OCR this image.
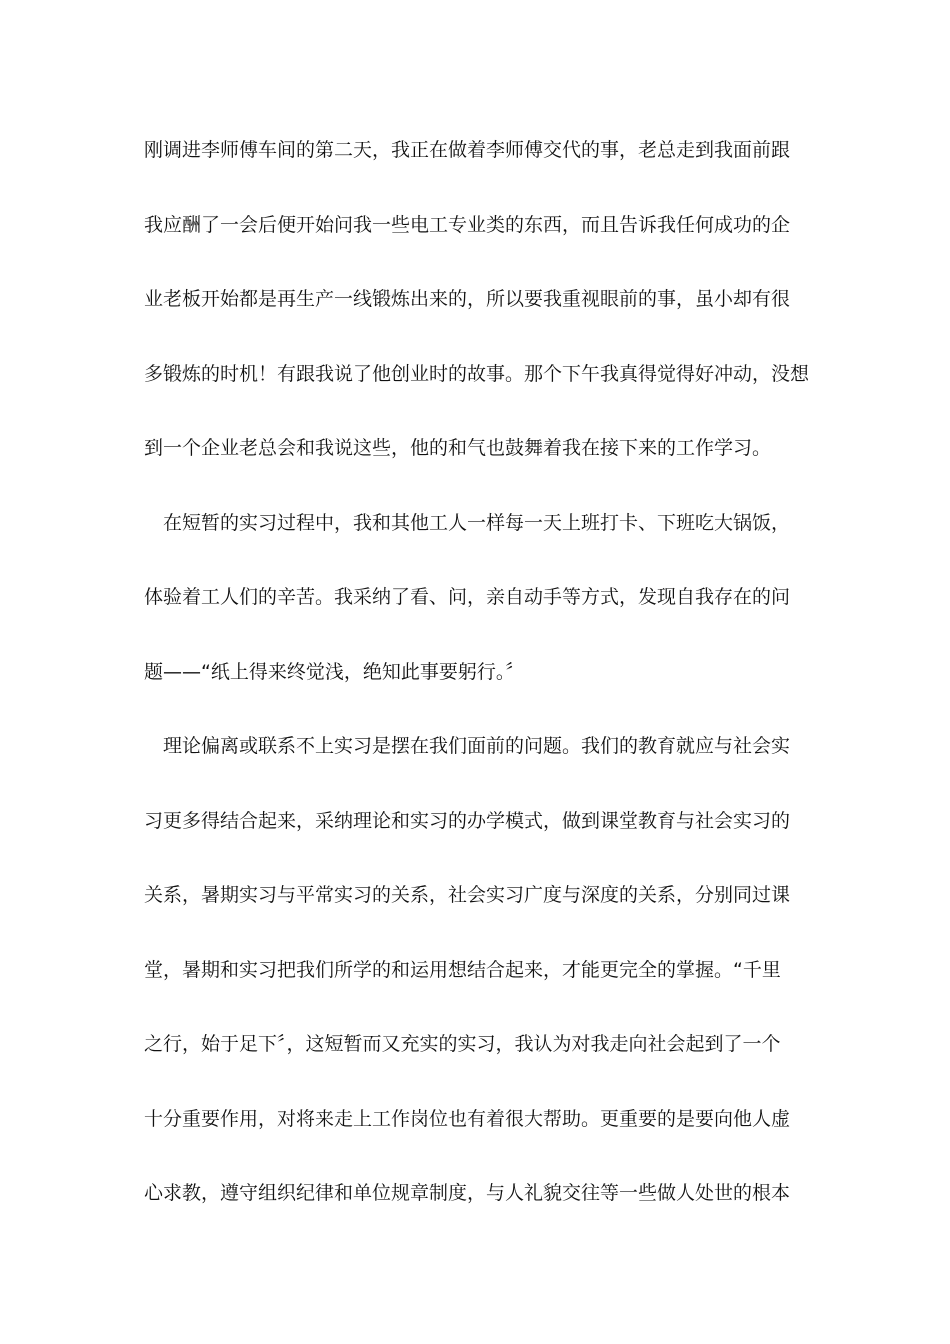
刚调进李师傅车间的第二天，我正在做着李师傅交代的事，老总走到我面前跟
我应酬了一会后便开始问我一些电工专业类的东西，而且告诉我任何成功的企
业老板开始都是再生产一线锻炼出来的，所以要我重视眼前的事，虽小却有很
多锻炼的时机！有跟我说了他创业时的故事。那个下午我真得觉得好冲动，没想
到一个企业老总会和我说这些，他的和气也鼓舞着我在接下来的工作学习。
在短暂的实习过程中，我和其他工人一样每一天上班打卡、下班吃大锅饭，
体验着工人们的辛苦。我采纳了看、问，亲自动手等方式，发现自我存在的问
题——“纸上得来终觉浅，绝知此事要躬行。〞
理论偏离或联系不上实习是摆在我们面前的问题。我们的教育就应与社会实
习更多得结合起来，采纳理论和实习的办学模式，做到课堂教育与社会实习的
关系，暑期实习与平常实习的关系，社会实习广度与深度的关系，分别同过课
堂，暑期和实习把我们所学的和运用想结合起来，才能更完全的掌握。“千里
之行，始于足下〞，这短暂而又充实的实习，我认为对我走向社会起到了一个
十分重要作用，对将来走上工作岗位也有着很大帮助。更重要的是要向他人虚
心求教，遵守组织纪律和单位规章制度，与人礼貌交往等一些做人处世的根本
